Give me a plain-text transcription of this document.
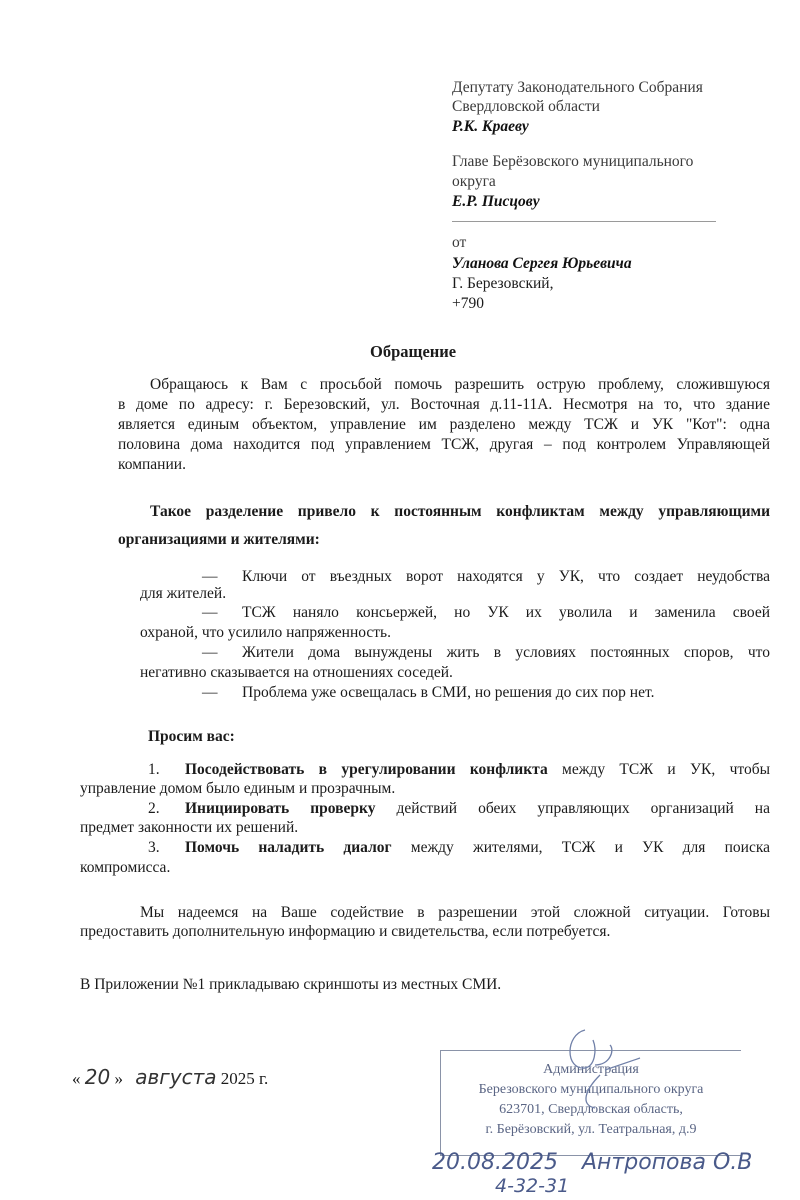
Депутату Законодательного Собрания
Свердловской области
Р.К. Краеву
Главе Берёзовского муниципального
округа
Е.Р. Писцову
от
Уланова Сергея Юрьевича
Г. Березовский,
+790
Обращение
Обращаюсь к Вам с просьбой помочь разрешить острую проблему, сложившуюся
в доме по адресу: г. Березовский, ул. Восточная д.11-11А. Несмотря на то, что здание
является единым объектом, управление им разделено между ТСЖ и УК "Кот": одна
половина дома находится под управлением ТСЖ, другая – под контролем Управляющей
компании.
Такое разделение привело к постоянным конфликтам между управляющими
организациями и жителями:
— Ключи от въездных ворот находятся у УК, что создает неудобства
для жителей.
— ТСЖ наняло консьержей, но УК их уволила и заменила своей
охраной, что усилило напряженность.
— Жители дома вынуждены жить в условиях постоянных споров, что
негативно сказывается на отношениях соседей.
— Проблема уже освещалась в СМИ, но решения до сих пор нет.
Просим вас:
1. Посодействовать в урегулировании конфликта между ТСЖ и УК, чтобы
управление домом было единым и прозрачным.
2. Инициировать проверку действий обеих управляющих организаций на
предмет законности их решений.
3. Помочь наладить диалог между жителями, ТСЖ и УК для поиска
компромисса.
Мы надеемся на Ваше содействие в разрешении этой сложной ситуации. Готовы
предоставить дополнительную информацию и свидетельства, если потребуется.
В Приложении №1 прикладываю скриншоты из местных СМИ.
« 20 » августа 2025 г.	Администрация
Березовского муниципального округа
623701, Свердловская область,
г. Берёзовский, ул. Театральная, д.9
20.08.2025 Антропова О.В
4-32-31
